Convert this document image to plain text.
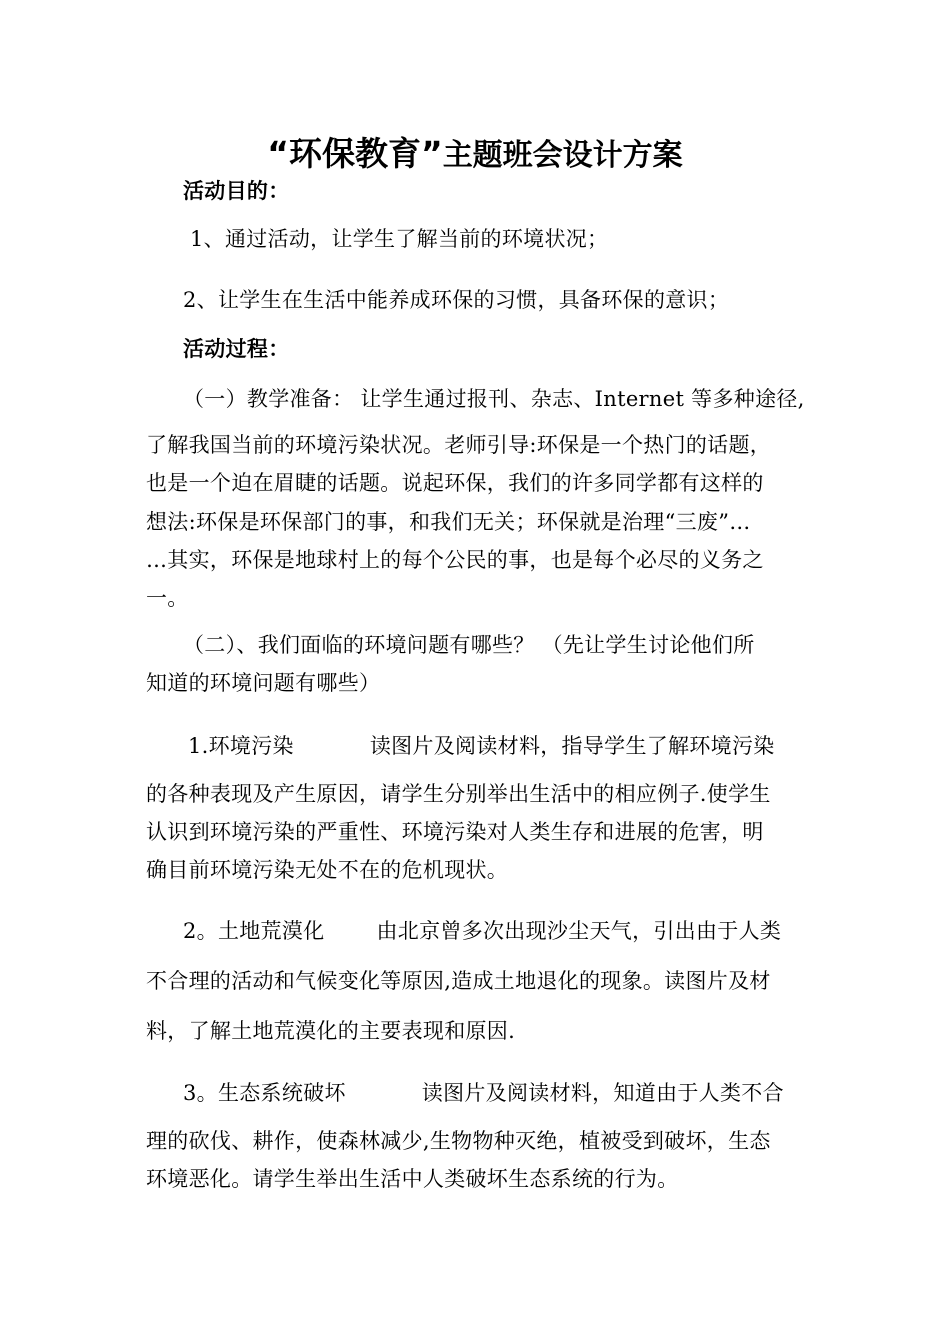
“环保教育”主题班会设计方案
活动目的：
1、通过活动，让学生了解当前的环境状况；
2、让学生在生活中能养成环保的习惯，具备环保的意识；
活动过程：
（一）教学准备： 让学生通过报刊、杂志、Internet 等多种途径,
了解我国当前的环境污染状况。老师引导:环保是一个热门的话题，
也是一个迫在眉睫的话题。说起环保，我们的许多同学都有这样的
想法:环保是环保部门的事，和我们无关；环保就是治理“三废”…
…其实，环保是地球村上的每个公民的事，也是每个必尽的义务之
一。
（二）、我们面临的环境问题有哪些？ （先让学生讨论他们所
知道的环境问题有哪些）
1.环境污染	读图片及阅读材料，指导学生了解环境污染
的各种表现及产生原因，请学生分别举出生活中的相应例子.使学生
认识到环境污染的严重性、环境污染对人类生存和进展的危害，明
确目前环境污染无处不在的危机现状。
2。土地荒漠化 由北京曾多次出现沙尘天气，引出由于人类
不合理的活动和气候变化等原因,造成土地退化的现象。读图片及材
料，了解土地荒漠化的主要表现和原因.
3。生态系统破坏	读图片及阅读材料，知道由于人类不合
理的砍伐、耕作，使森林减少,生物物种灭绝，植被受到破坏，生态
环境恶化。请学生举出生活中人类破坏生态系统的行为。
